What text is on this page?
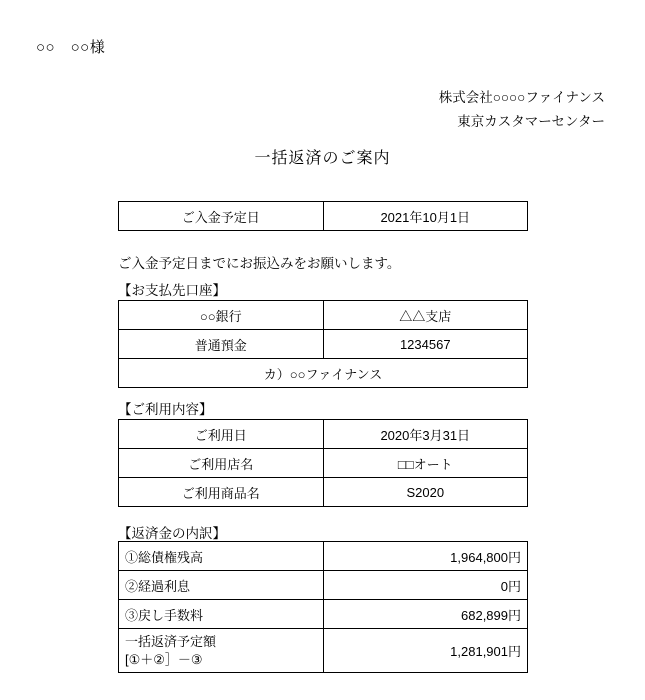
○○　○○様
株式会社○○○○ファイナンス
東京カスタマーセンター
一括返済のご案内
ご入金予定日	2021年10月1日
ご入金予定日までにお振込みをお願いします。
【お支払先口座】
○○銀行	△△支店
普通預金	1234567
カ）○○ファイナンス	
【ご利用内容】
ご利用日	2020年3月31日
ご利用店名	□□オート
ご利用商品名	S2020
【返済金の内訳】
①総債権残高	1,964,800円
②経過利息	0円
③戻し手数料	682,899円

一括返済予定額
[①＋②］－③	1,281,901円
